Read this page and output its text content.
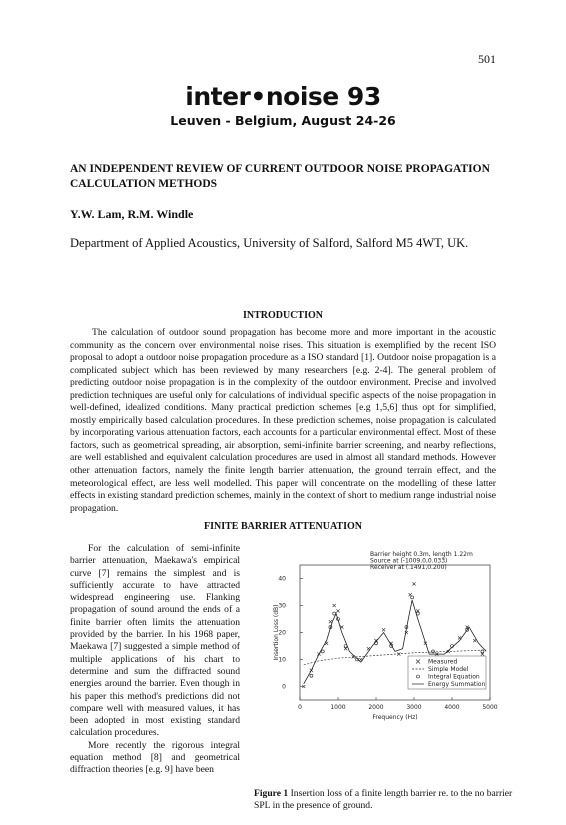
501
inter•noise 93
Leuven - Belgium, August 24-26
AN INDEPENDENT REVIEW OF CURRENT OUTDOOR NOISE PROPAGATION CALCULATION METHODS
Y.W. Lam, R.M. Windle
Department of Applied Acoustics, University of Salford, Salford M5 4WT, UK.
INTRODUCTION
The calculation of outdoor sound propagation has become more and more important in the acoustic community as the concern over environmental noise rises. This situation is exemplified by the recent ISO proposal to adopt a outdoor noise propagation procedure as a ISO standard [1]. Outdoor noise propagation is a complicated subject which has been reviewed by many researchers [e.g. 2-4]. The general problem of predicting outdoor noise propagation is in the complexity of the outdoor environment. Precise and involved prediction techniques are useful only for calculations of individual specific aspects of the noise propagation in well-defined, idealized conditions. Many practical prediction schemes [e.g 1,5,6] thus opt for simplified, mostly empirically based calculation procedures. In these prediction schemes, noise propagation is calculated by incorporating various attenuation factors, each accounts for a particular environmental effect. Most of these factors, such as geometrical spreading, air absorption, semi-infinite barrier screening, and nearby reflections, are well established and equivalent calculation procedures are used in almost all standard methods. However other attenuation factors, namely the finite length barrier attenuation, the ground terrain effect, and the meteorological effect, are less well modelled. This paper will concentrate on the modelling of these latter effects in existing standard prediction schemes, mainly in the context of short to medium range industrial noise propagation.
FINITE BARRIER ATTENUATION

For the calculation of semi-infinite barrier attenuation, Maekawa's empirical curve [7] remains the simplest and is sufficiently accurate to have attracted widespread engineering use. Flanking propagation of sound around the ends of a finite barrier often limits the attenuation provided by the barrier. In his 1968 paper, Maekawa [7] suggested a simple method of multiple applications of his chart to determine and sum the diffracted sound energies around the barrier. Even though in his paper this method's predictions did not compare well with measured values, it has been adopted in most existing standard calculation procedures.

More recently the rigorous integral equation method [8] and geometrical diffraction theories [e.g. 9] have been

0	1000	2000	3000	4000	5000
0
10
20
30
40
Frequency (Hz)
Insertion Loss (dB)
Barrier height 0.3m, length 1.22m
Source at (-1009.0,0.033)
Receiver at (.1491,0.200)
Measured
Simple Model
Integral Equation
Energy Summation
Figure 1 Insertion loss of a finite length barrier re. to the no barrier SPL in the presence of ground.
